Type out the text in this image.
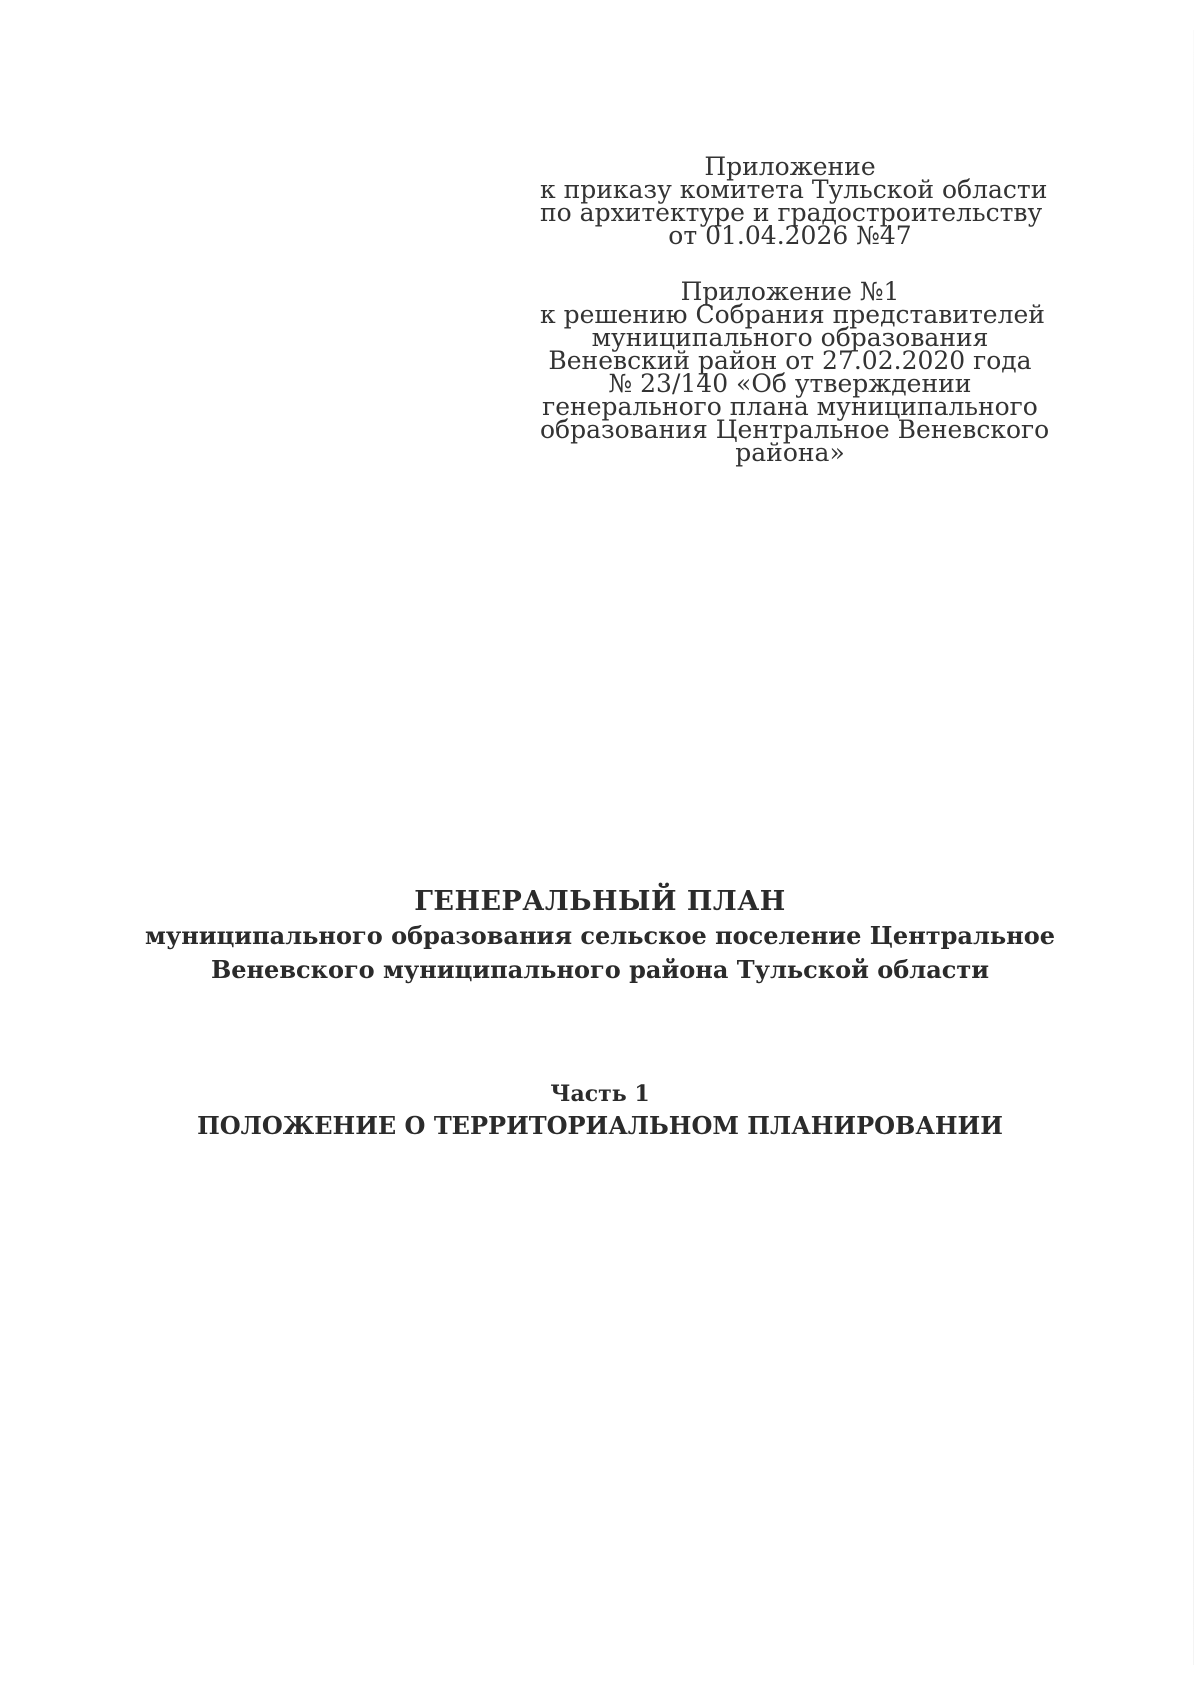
Приложение
к приказу комитета Тульской области
по архитектуре и градостроительству
от 01.04.2026 №47
Приложение №1
к решению Собрания представителей
муниципального образования
Веневский район от 27.02.2020 года
№ 23/140 «Об утверждении
генерального плана муниципального
образования Центральное Веневского
района»
ГЕНЕРАЛЬНЫЙ ПЛАН
муниципального образования сельское поселение Центральное
Веневского муниципального района Тульской области
Часть 1
ПОЛОЖЕНИЕ О ТЕРРИТОРИАЛЬНОМ ПЛАНИРОВАНИИ
